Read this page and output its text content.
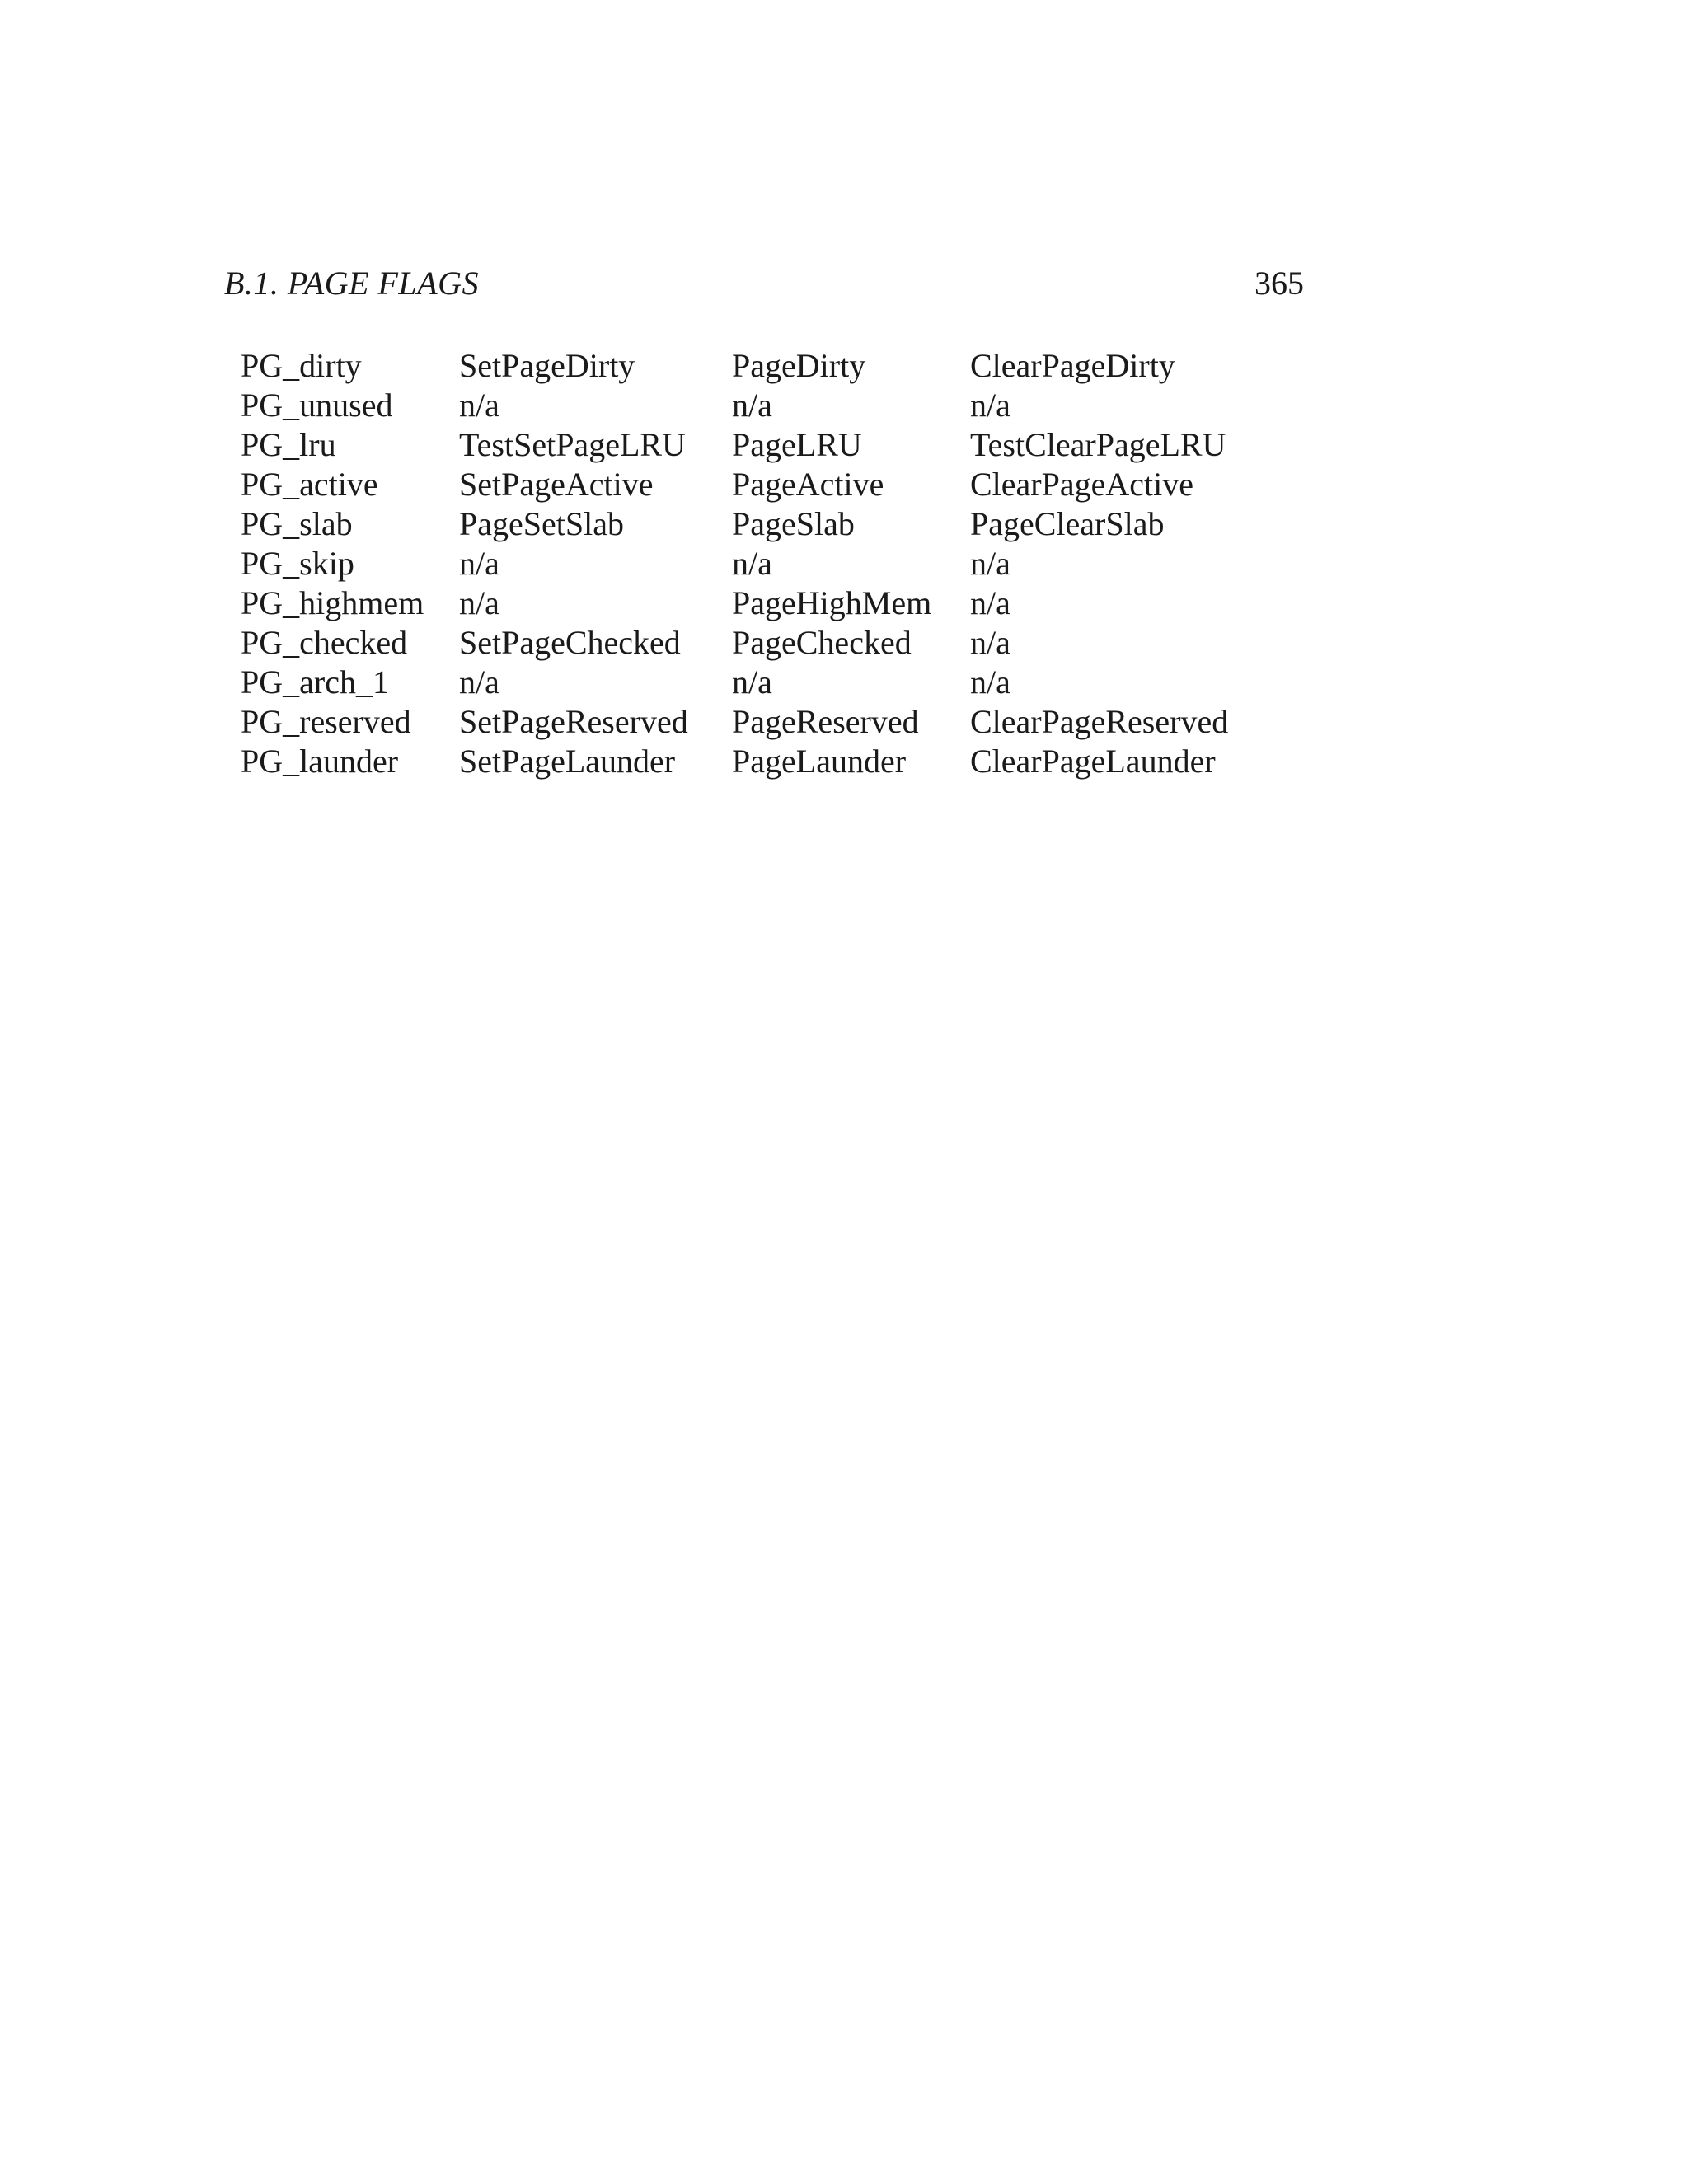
B.1. PAGE FLAGS	365
PG_dirty	SetPageDirty	PageDirty	ClearPageDirty
PG_unused	n/a	n/a	n/a
PG_lru	TestSetPageLRU	PageLRU	TestClearPageLRU
PG_active	SetPageActive	PageActive	ClearPageActive
PG_slab	PageSetSlab	PageSlab	PageClearSlab
PG_skip	n/a	n/a	n/a
PG_highmem	n/a	PageHighMem	n/a
PG_checked	SetPageChecked	PageChecked	n/a
PG_arch_1	n/a	n/a	n/a
PG_reserved	SetPageReserved	PageReserved	ClearPageReserved
PG_launder	SetPageLaunder	PageLaunder	ClearPageLaunder
